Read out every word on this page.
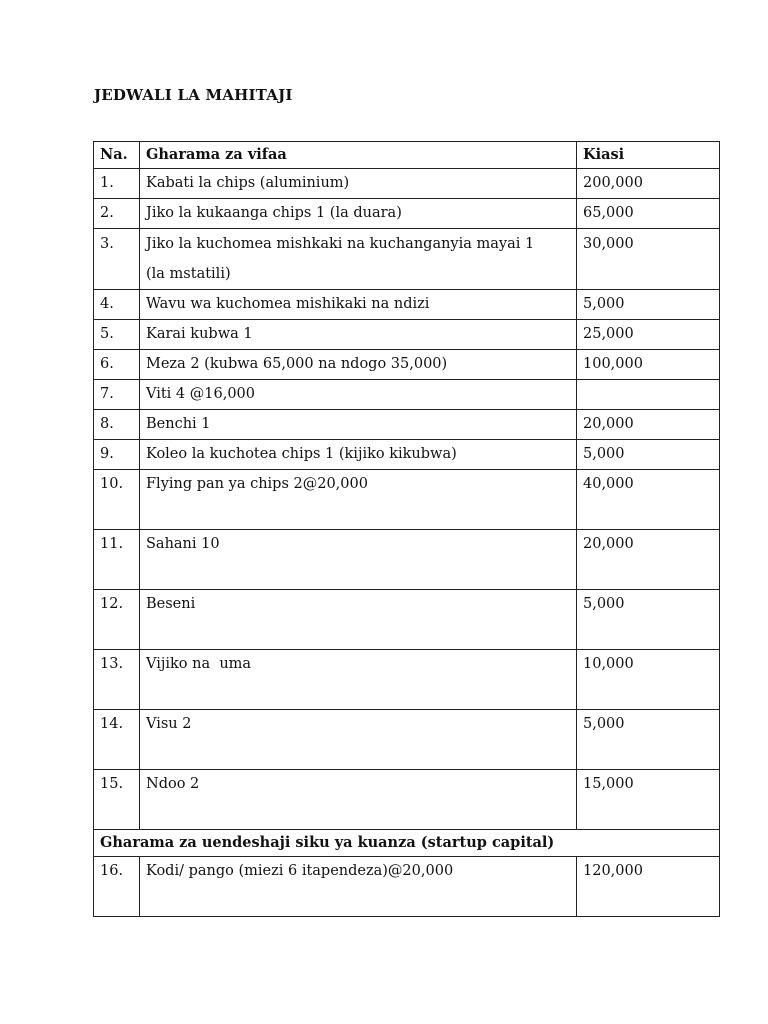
JEDWALI LA MAHITAJI
Na.	Gharama za vifaa	Kiasi
1.	Kabati la chips (aluminium)	200,000
2.	Jiko la kukaanga chips 1 (la duara)	65,000
3.	Jiko la kuchomea mishkaki na kuchanganyia mayai 1
(la mstatili)	30,000
4.	Wavu wa kuchomea mishikaki na ndizi	5,000
5.	Karai kubwa 1	25,000
6.	Meza 2 (kubwa 65,000 na ndogo 35,000)	100,000
7.	Viti 4 @16,000	
8.	Benchi 1	20,000
9.	Koleo la kuchotea chips 1 (kijiko kikubwa)	5,000
10.	Flying pan ya chips 2@20,000	40,000
11.	Sahani 10	20,000
12.	Beseni	5,000
13.	Vijiko na  uma	10,000
14.	Visu 2	5,000
15.	Ndoo 2	15,000
Gharama za uendeshaji siku ya kuanza (startup capital)		
16.	Kodi/ pango (miezi 6 itapendeza)@20,000	120,000
